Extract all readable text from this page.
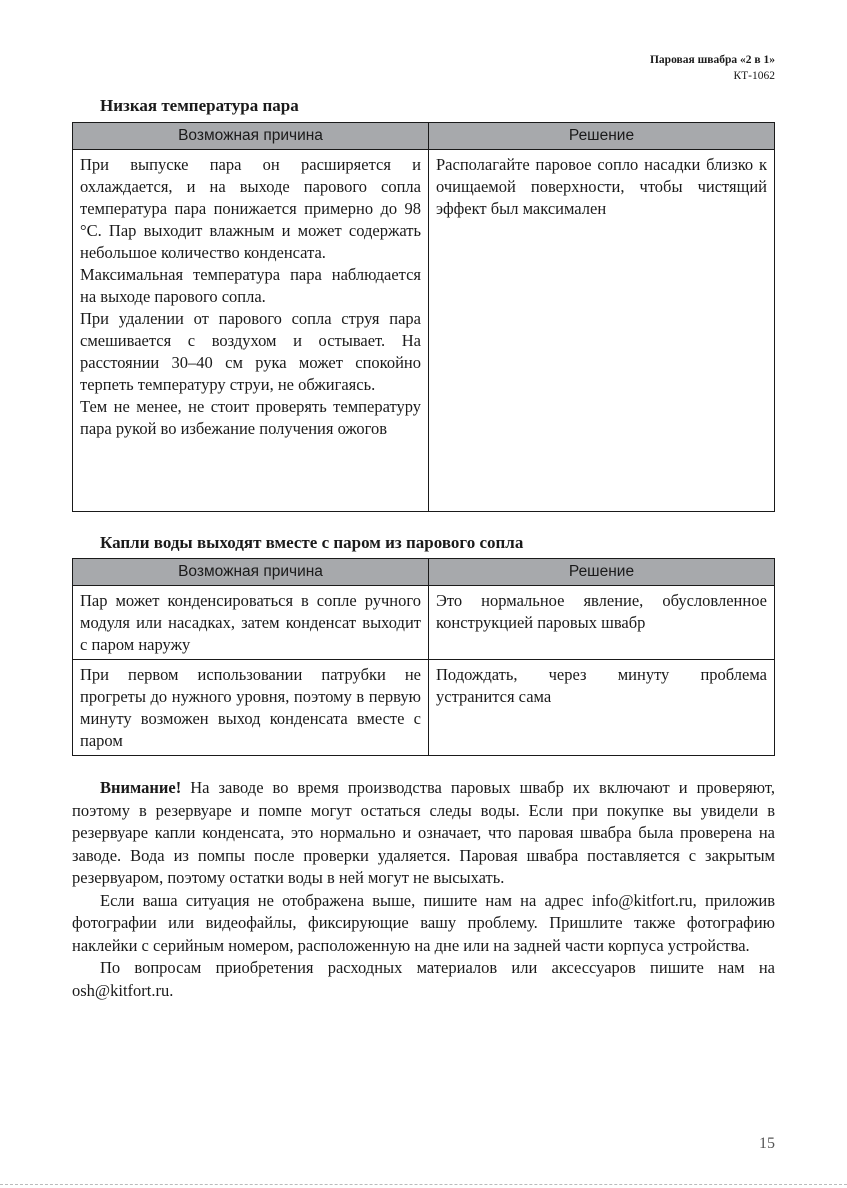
Паровая швабра «2 в 1»
КТ-1062
Низкая температура пара
Возможная причина	Решение

При выпуске пара он расширяется и охлаждается, и на выходе парового сопла температура пара понижается примерно до 98 °С. Пар выходит влажным и может содержать небольшое количество конденсата.

Максимальная температура пара наблюдается на выходе парового сопла.

При удалении от парового сопла струя пара смешивается с воздухом и остывает. На расстоянии 30–40 см рука может спокойно терпеть температуру струи, не обжигаясь.

Тем не менее, не стоит проверять температуру пара рукой во избежание получения ожогов	Располагайте паровое сопло насадки близко к очищаемой поверхности, чтобы чистящий эффект был максимален
Капли воды выходят вместе с паром из парового сопла
Возможная причина	Решение
Пар может конденсироваться в сопле ручного модуля или насадках, затем конденсат выходит с паром наружу	Это нормальное явление, обусловленное конструкцией паровых швабр
При первом использовании патрубки не прогреты до нужного уровня, поэтому в первую минуту возможен выход конденсата вместе с паром	Подождать, через минуту проблема устранится сама

Внимание! На заводе во время производства паровых швабр их включают и проверяют, поэтому в резервуаре и помпе могут остаться следы воды. Если при покупке вы увидели в резервуаре капли конденсата, это нормально и означает, что паровая швабра была проверена на заводе. Вода из помпы после проверки удаляется. Паровая швабра поставляется с закрытым резервуаром, поэтому остатки воды в ней могут не высыхать.

Если ваша ситуация не отображена выше, пишите нам на адрес info@kitfort.ru, приложив фотографии или видеофайлы, фиксирующие вашу проблему. Пришлите также фотографию наклейки с серийным номером, расположенную на дне или на задней части корпуса устройства.

По вопросам приобретения расходных материалов или аксессуаров пишите нам на osh@kitfort.ru.

15
